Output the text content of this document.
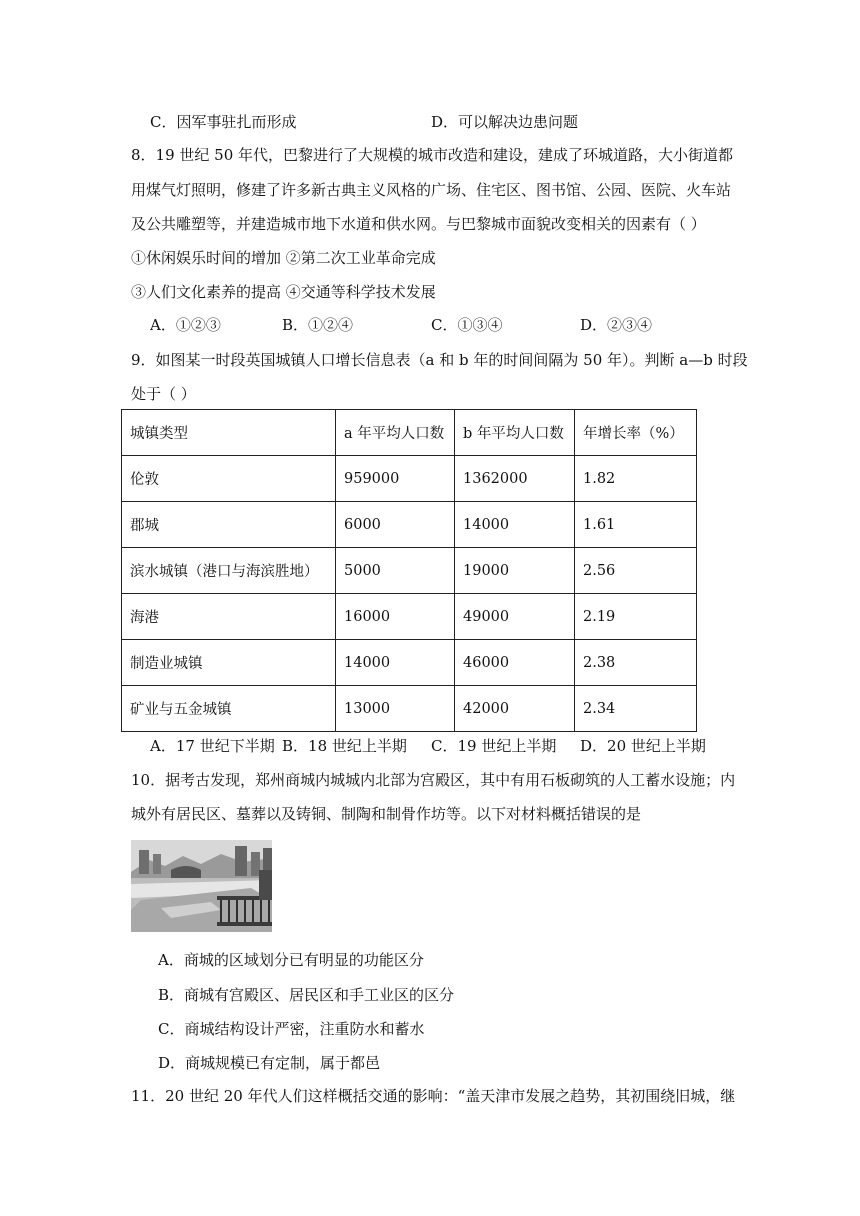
C．因军事驻扎而形成	D．可以解决边患问题
8．19 世纪 50 年代，巴黎进行了大规模的城市改造和建设，建成了环城道路，大小街道都
用煤气灯照明，修建了许多新古典主义风格的广场、住宅区、图书馆、公园、医院、火车站
及公共雕塑等，并建造城市地下水道和供水网。与巴黎城市面貌改变相关的因素有（ ）
①休闲娱乐时间的增加 ②第二次工业革命完成
③人们文化素养的提高 ④交通等科学技术发展
A．①②③	B．①②④	C．①③④	D．②③④
9．如图某一时段英国城镇人口增长信息表（a 和 b 年的时间间隔为 50 年）。判断 a—b 时段
处于（ ）
城镇类型	a 年平均人口数	b 年平均人口数	年增长率（%）
伦敦	959000	1362000	1.82
郡城	6000	14000	1.61
滨水城镇（港口与海滨胜地）	5000	19000	2.56
海港	16000	49000	2.19
制造业城镇	14000	46000	2.38
矿业与五金城镇	13000	42000	2.34
A．17 世纪下半期 B．18 世纪上半期 C．19 世纪上半期 D．20 世纪上半期
10．据考古发现，郑州商城内城城内北部为宫殿区，其中有用石板砌筑的人工蓄水设施；内
城外有居民区、墓葬以及铸铜、制陶和制骨作坊等。以下对材料概括错误的是
A．商城的区域划分已有明显的功能区分
B．商城有宫殿区、居民区和手工业区的区分
C．商城结构设计严密，注重防水和蓄水
D．商城规模已有定制，属于都邑
11．20 世纪 20 年代人们这样概括交通的影响：“盖天津市发展之趋势，其初围绕旧城，继
